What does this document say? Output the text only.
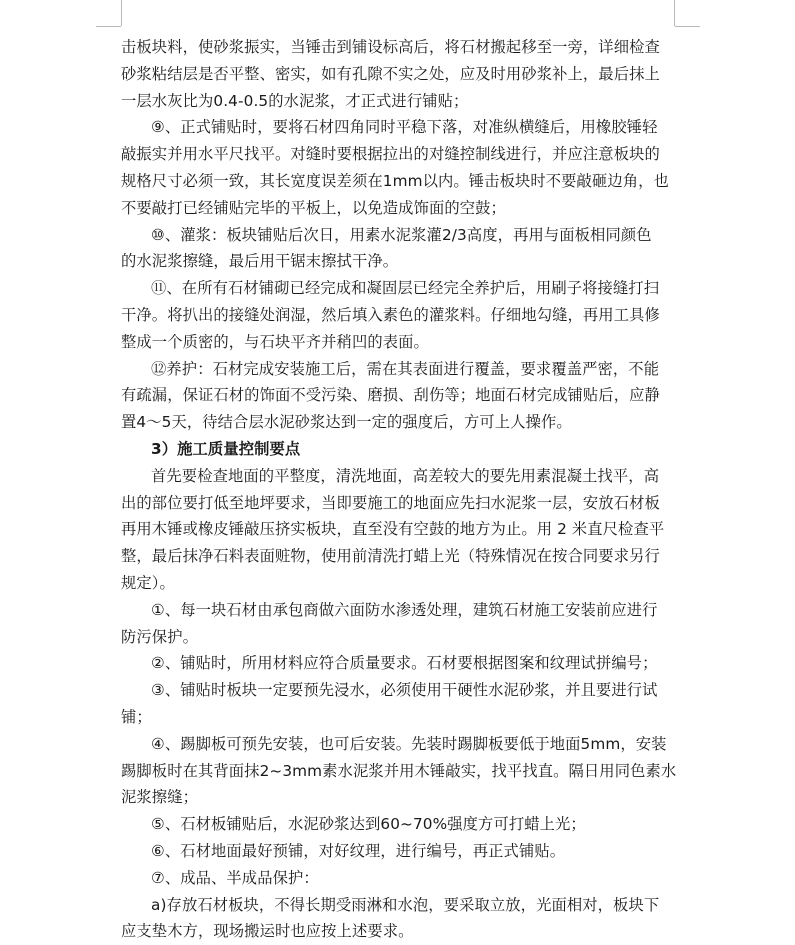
击板块料，使砂浆振实，当锤击到铺设标高后，将石材搬起移至一旁，详细检查
砂浆粘结层是否平整、密实，如有孔隙不实之处，应及时用砂浆补上，最后抹上
一层水灰比为0.4-0.5的水泥浆，才正式进行铺贴；
⑨、正式铺贴时，要将石材四角同时平稳下落，对准纵横缝后，用橡胶锤轻
敲振实并用水平尺找平。对缝时要根据拉出的对缝控制线进行，并应注意板块的
规格尺寸必须一致，其长宽度误差须在1mm以内。锤击板块时不要敲砸边角，也
不要敲打已经铺贴完毕的平板上，以免造成饰面的空鼓；
⑩、灌浆：板块铺贴后次日，用素水泥浆灌2/3高度，再用与面板相同颜色
的水泥浆擦缝，最后用干锯末擦拭干净。
⑪、在所有石材铺砌已经完成和凝固层已经完全养护后，用刷子将接缝打扫
干净。将扒出的接缝处润湿，然后填入素色的灌浆料。仔细地勾缝，再用工具修
整成一个质密的，与石块平齐并稍凹的表面。
⑫养护：石材完成安装施工后，需在其表面进行覆盖，要求覆盖严密，不能
有疏漏，保证石材的饰面不受污染、磨损、刮伤等；地面石材完成铺贴后，应静
置4～5天，待结合层水泥砂浆达到一定的强度后，方可上人操作。
3）施工质量控制要点
首先要检查地面的平整度，清洗地面，高差较大的要先用素混凝土找平，高
出的部位要打低至地坪要求，当即要施工的地面应先扫水泥浆一层，安放石材板
再用木锤或橡皮锤敲压挤实板块，直至没有空鼓的地方为止。用 2 米直尺检查平
整，最后抹净石料表面赃物，使用前清洗打蜡上光（特殊情况在按合同要求另行
规定）。
①、每一块石材由承包商做六面防水渗透处理，建筑石材施工安装前应进行
防污保护。
②、铺贴时，所用材料应符合质量要求。石材要根据图案和纹理试拼编号；
③、铺贴时板块一定要预先浸水，必须使用干硬性水泥砂浆，并且要进行试
铺；
④、踢脚板可预先安装，也可后安装。先装时踢脚板要低于地面5mm，安装
踢脚板时在其背面抹2~3mm素水泥浆并用木锤敲实，找平找直。隔日用同色素水
泥浆擦缝；
⑤、石材板铺贴后，水泥砂浆达到60~70%强度方可打蜡上光；
⑥、石材地面最好预铺，对好纹理，进行编号，再正式铺贴。
⑦、成品、半成品保护：
a)存放石材板块，不得长期受雨淋和水泡，要采取立放，光面相对，板块下
应支垫木方，现场搬运时也应按上述要求。
